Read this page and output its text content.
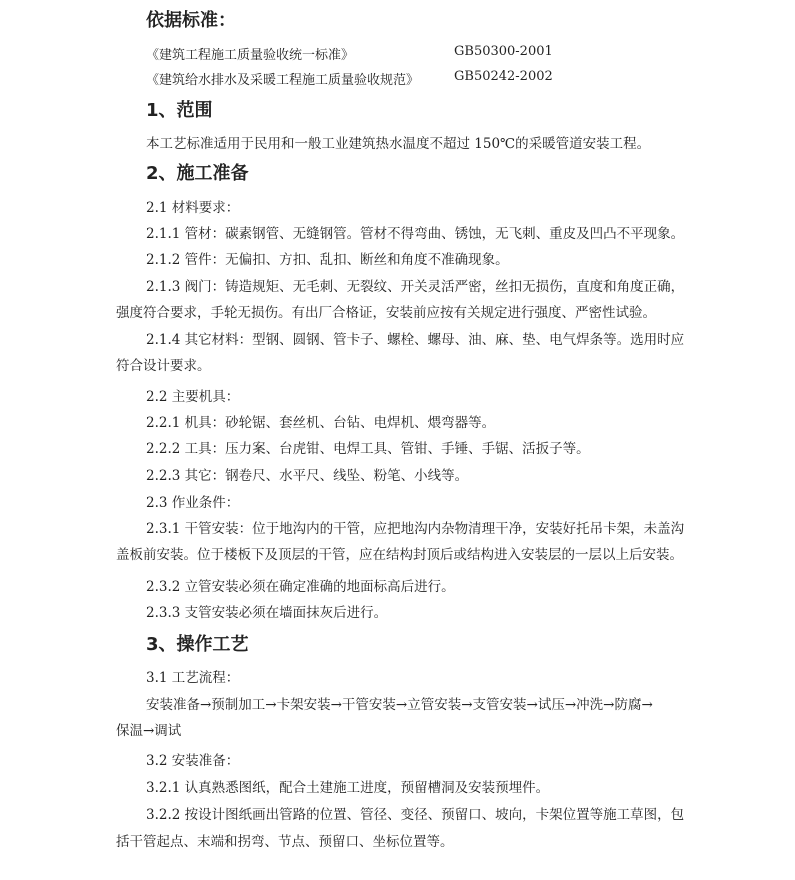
依据标准：
《建筑工程施工质量验收统一标准》	GB50300-2001
《建筑给水排水及采暖工程施工质量验收规范》	GB50242-2002
1、范围
本工艺标准适用于民用和一般工业建筑热水温度不超过 150℃的采暖管道安装工程。
2、施工准备
2.1 材料要求：
2.1.1 管材：碳素钢管、无缝钢管。管材不得弯曲、锈蚀，无飞刺、重皮及凹凸不平现象。
2.1.2 管件：无偏扣、方扣、乱扣、断丝和角度不准确现象。
2.1.3 阀门：铸造规矩、无毛刺、无裂纹、开关灵活严密，丝扣无损伤，直度和角度正确，
强度符合要求，手轮无损伤。有出厂合格证，安装前应按有关规定进行强度、严密性试验。
2.1.4 其它材料：型钢、圆钢、管卡子、螺栓、螺母、油、麻、垫、电气焊条等。选用时应
符合设计要求。
2.2 主要机具：
2.2.1 机具：砂轮锯、套丝机、台钻、电焊机、煨弯器等。
2.2.2 工具：压力案、台虎钳、电焊工具、管钳、手锤、手锯、活扳子等。
2.2.3 其它：钢卷尺、水平尺、线坠、粉笔、小线等。
2.3 作业条件：
2.3.1 干管安装：位于地沟内的干管，应把地沟内杂物清理干净，安装好托吊卡架，未盖沟
盖板前安装。位于楼板下及顶层的干管，应在结构封顶后或结构进入安装层的一层以上后安装。
2.3.2 立管安装必须在确定准确的地面标高后进行。
2.3.3 支管安装必须在墙面抹灰后进行。
3、操作工艺
3.1 工艺流程：
安装准备→预制加工→卡架安装→干管安装→立管安装→支管安装→试压→冲洗→防腐→
保温→调试
3.2 安装准备：
3.2.1 认真熟悉图纸，配合土建施工进度，预留槽洞及安装预埋件。
3.2.2 按设计图纸画出管路的位置、管径、变径、预留口、坡向，卡架位置等施工草图，包
括干管起点、末端和拐弯、节点、预留口、坐标位置等。
